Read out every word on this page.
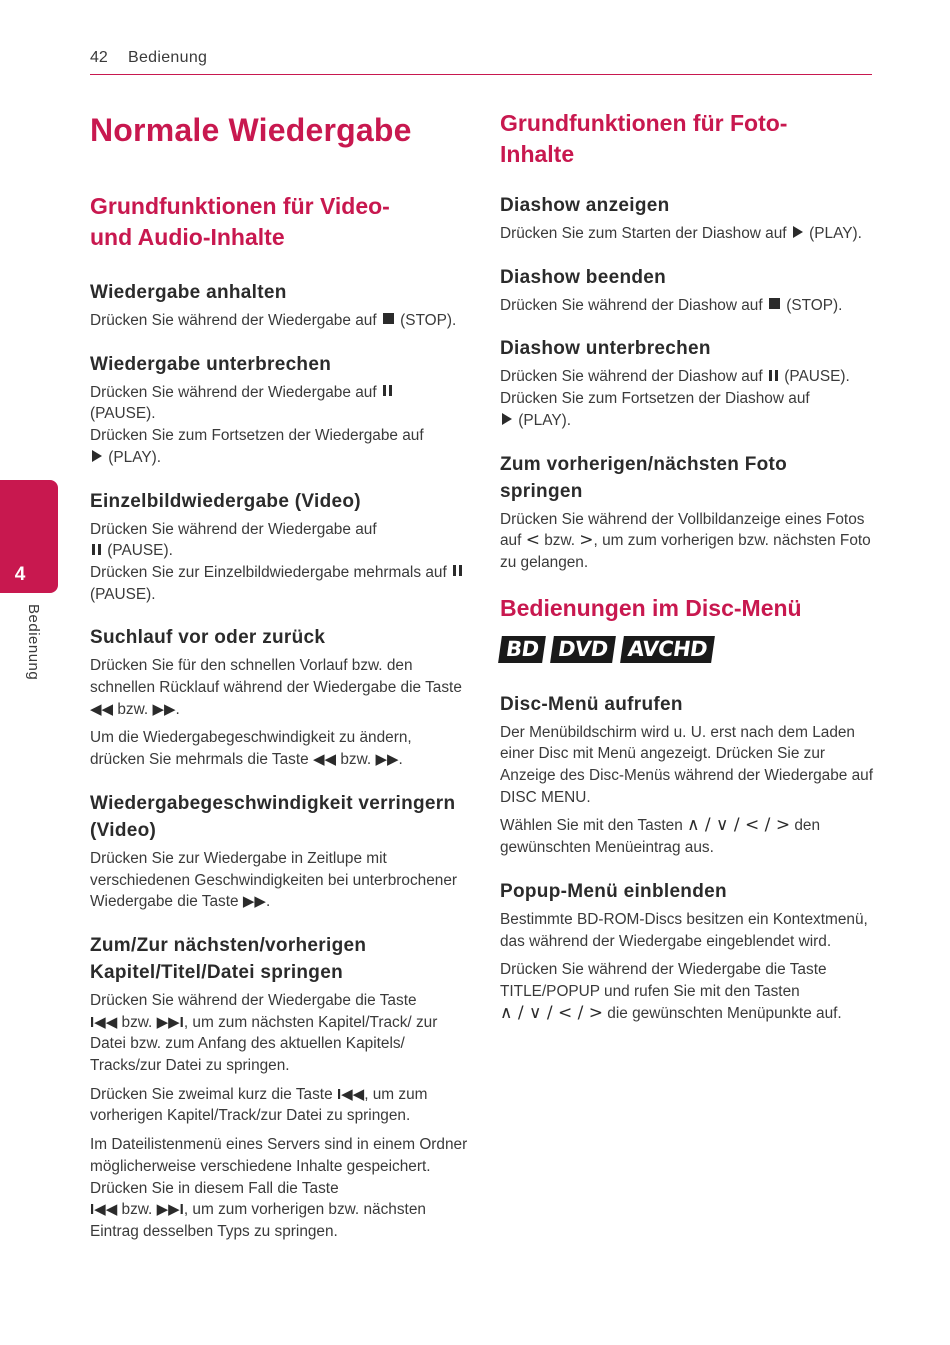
42 Bedienung
4
Bedienung
Normale Wiedergabe
Grundfunktionen für Video- und Audio-Inhalte
Wiedergabe anhalten

Drücken Sie während der Wiedergabe auf (STOP).

Wiedergabe unterbrechen

Drücken Sie während der Wiedergabe auf
(PAUSE).
Drücken Sie zum Fortsetzen der Wiedergabe auf
(PLAY).

Einzelbildwiedergabe (Video)

Drücken Sie während der Wiedergabe auf
(PAUSE).
Drücken Sie zur Einzelbildwiedergabe mehrmals auf  (PAUSE).

Suchlauf vor oder zurück

Drücken Sie für den schnellen Vorlauf bzw. den schnellen Rücklauf während der Wiedergabe die Taste ◀◀ bzw. ▶▶.

Um die Wiedergabegeschwindigkeit zu ändern, drücken Sie mehrmals die Taste ◀◀ bzw. ▶▶.

Wiedergabegeschwindigkeit verringern (Video)

Drücken Sie zur Wiedergabe in Zeitlupe mit verschiedenen Geschwindigkeiten bei unterbrochener Wiedergabe die Taste ▶▶.

Zum/Zur nächsten/vorherigen Kapitel/Titel/Datei springen

Drücken Sie während der Wiedergabe die Taste
I◀◀ bzw. ▶▶I, um zum nächsten Kapitel/Track/ zur Datei bzw. zum Anfang des aktuellen Kapitels/ Tracks/zur Datei zu springen.

Drücken Sie zweimal kurz die Taste I◀◀, um zum vorherigen Kapitel/Track/zur Datei zu springen.

Im Dateilistenmenü eines Servers sind in einem Ordner möglicherweise verschiedene Inhalte gespeichert. Drücken Sie in diesem Fall die Taste
I◀◀ bzw. ▶▶I, um zum vorherigen bzw. nächsten Eintrag desselben Typs zu springen.

Grundfunktionen für Foto-Inhalte
Diashow anzeigen

Drücken Sie zum Starten der Diashow auf (PLAY).

Diashow beenden

Drücken Sie während der Diashow auf (STOP).

Diashow unterbrechen

Drücken Sie während der Diashow auf (PAUSE).
Drücken Sie zum Fortsetzen der Diashow auf
(PLAY).

Zum vorherigen/nächsten Foto springen

Drücken Sie während der Vollbildanzeige eines Fotos auf < bzw. >, um zum vorherigen bzw. nächsten Foto zu gelangen.

Bedienungen im Disc-Menü
BD DVD AVCHD
Disc-Menü aufrufen

Der Menübildschirm wird u. U. erst nach dem Laden einer Disc mit Menü angezeigt. Drücken Sie zur Anzeige des Disc-Menüs während der Wiedergabe auf DISC MENU.

Wählen Sie mit den Tasten ∧ / ∨ / < / > den gewünschten Menüeintrag aus.

Popup-Menü einblenden

Bestimmte BD-ROM-Discs besitzen ein Kontextmenü, das während der Wiedergabe eingeblendet wird.

Drücken Sie während der Wiedergabe die Taste TITLE/POPUP und rufen Sie mit den Tasten
∧ / ∨ / < / > die gewünschten Menüpunkte auf.
